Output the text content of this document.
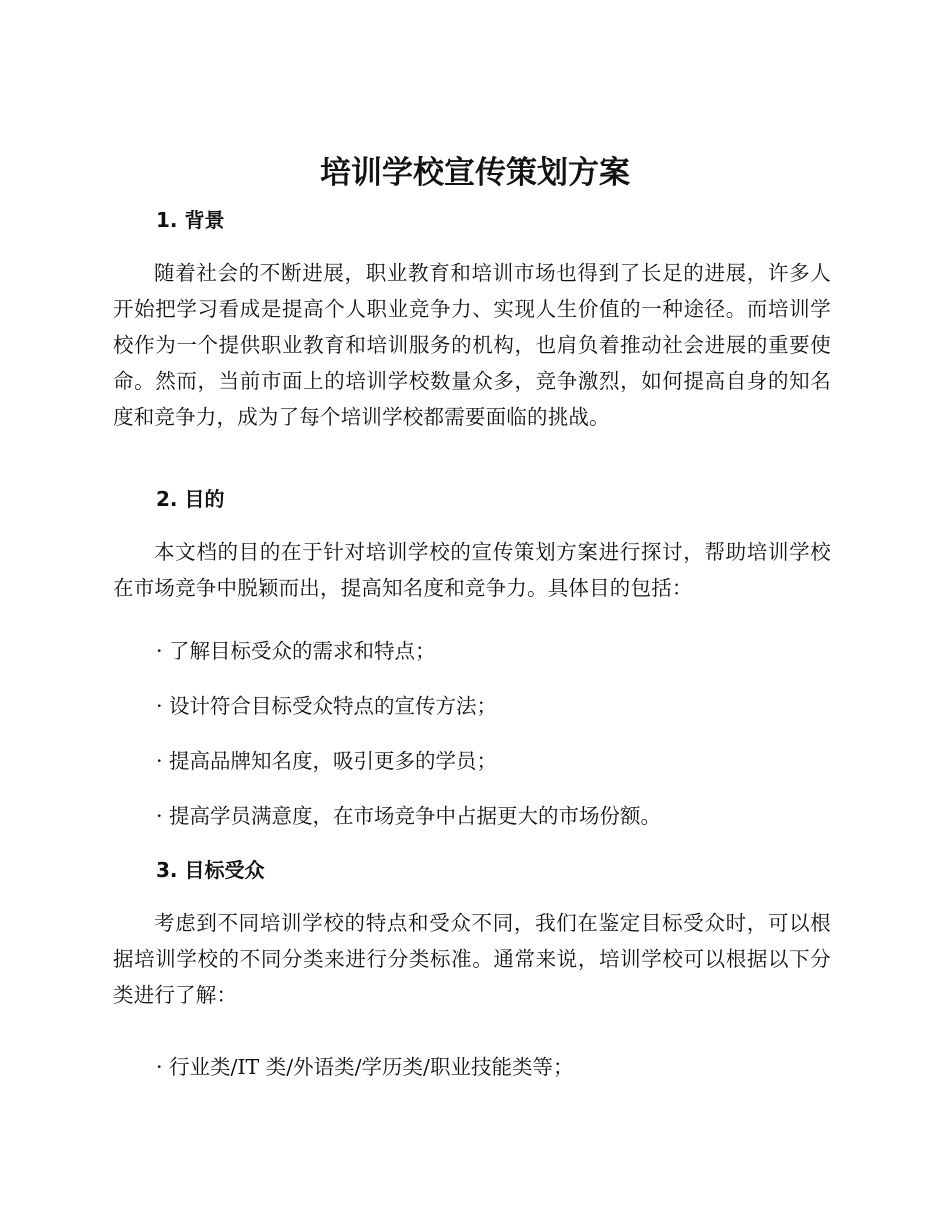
培训学校宣传策划方案
1. 背景

随着社会的不断进展，职业教育和培训市场也得到了长足的进展，许多人开始把学习看成是提高个人职业竞争力、实现人生价值的一种途径。而培训学校作为一个提供职业教育和培训服务的机构，也肩负着推动社会进展的重要使命。然而，当前市面上的培训学校数量众多，竞争激烈，如何提高自身的知名度和竞争力，成为了每个培训学校都需要面临的挑战。

2. 目的

本文档的目的在于针对培训学校的宣传策划方案进行探讨，帮助培训学校在市场竞争中脱颖而出，提高知名度和竞争力。具体目的包括：

· 了解目标受众的需求和特点；

· 设计符合目标受众特点的宣传方法；

· 提高品牌知名度，吸引更多的学员；

· 提高学员满意度，在市场竞争中占据更大的市场份额。

3. 目标受众

考虑到不同培训学校的特点和受众不同，我们在鉴定目标受众时，可以根据培训学校的不同分类来进行分类标准。通常来说，培训学校可以根据以下分类进行了解：

· 行业类/IT 类/外语类/学历类/职业技能类等；
